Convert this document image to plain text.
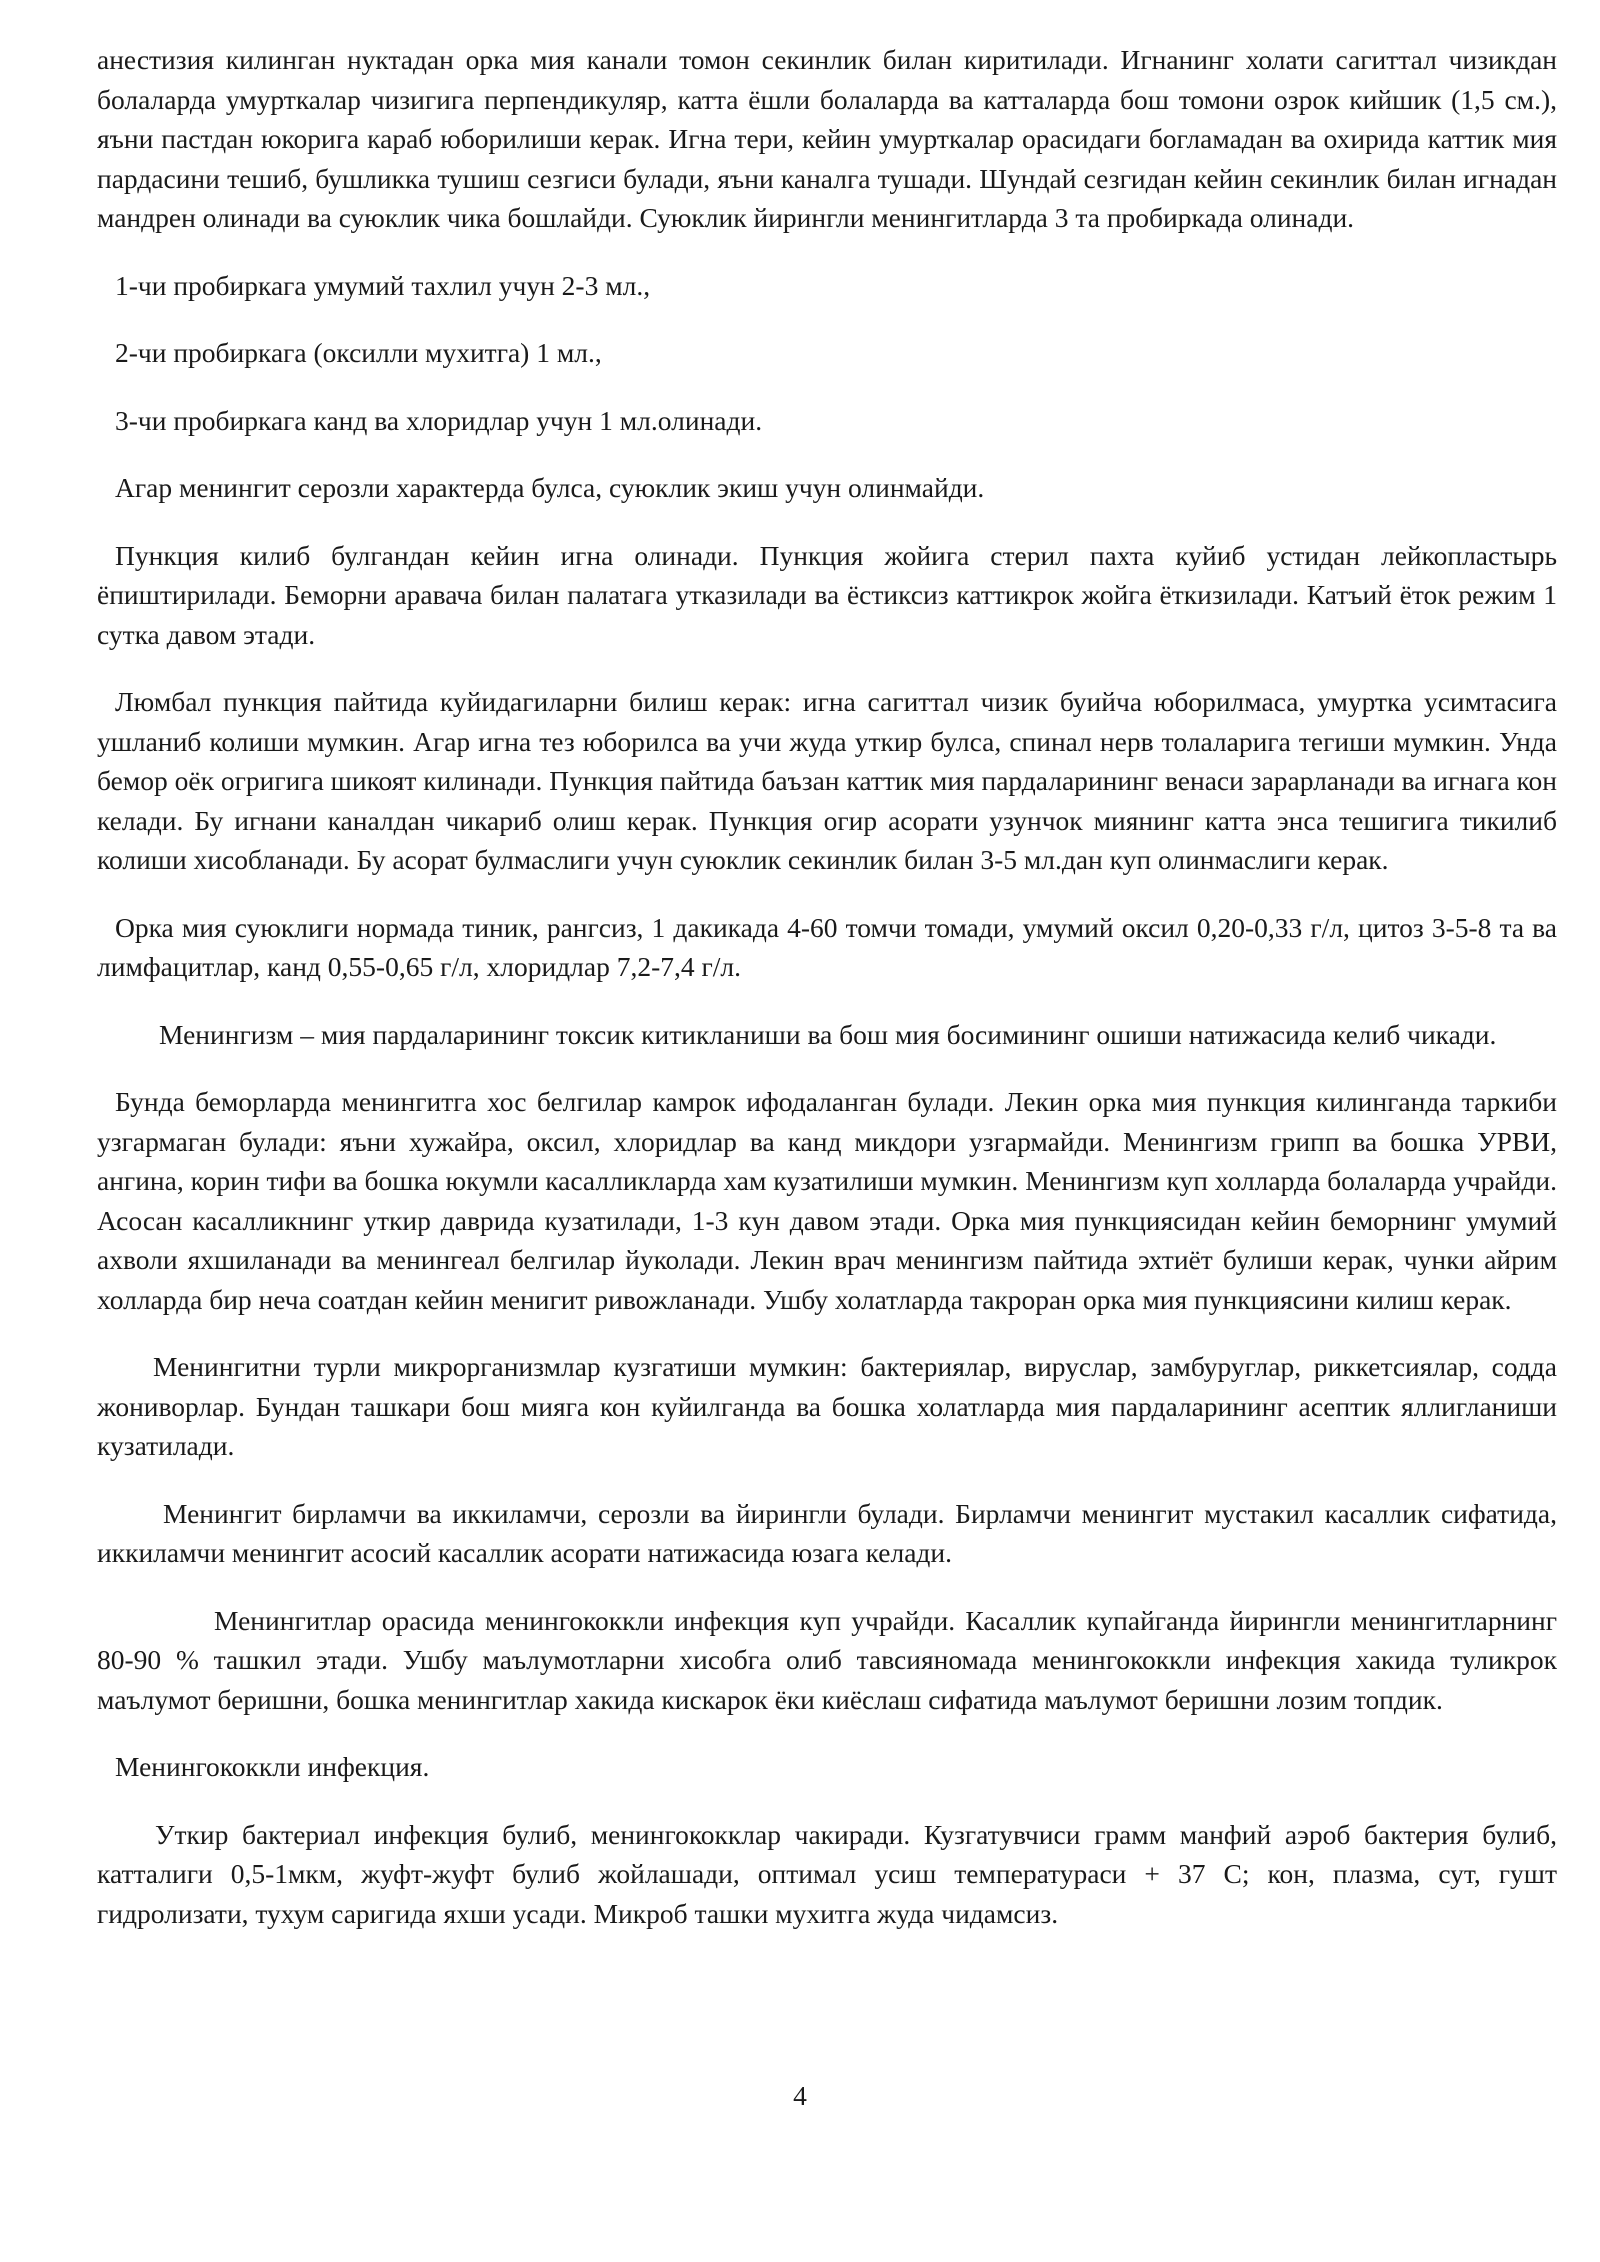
анестизия килинган нуктадан орка мия канали томон секинлик билан киритилади. Игнанинг холати сагиттал чизикдан болаларда умурткалар чизигига перпендикуляр, катта ёшли болаларда ва катталарда бош томони озрок кийшик (1,5 см.), яъни пастдан юкорига караб юборилиши керак. Игна тери, кейин умурткалар орасидаги богламадан ва охирида каттик мия пардасини тешиб, бушликка тушиш сезгиси булади, яъни каналга тушади. Шундай сезгидан кейин секинлик билан игнадан мандрен олинади ва суюклик чика бошлайди. Суюклик йирингли менингитларда 3 та пробиркада олинади.

1-чи пробиркага умумий тахлил учун 2-3 мл.,

2-чи пробиркага (оксилли мухитга) 1 мл.,

3-чи пробиркага канд ва хлоридлар учун 1 мл.олинади.

Агар менингит серозли характерда булса, суюклик экиш учун олинмайди.

Пункция килиб булгандан кейин игна олинади. Пункция жойига стерил пахта куйиб устидан лейкопластырь ёпиштирилади. Беморни аравача билан палатага утказилади ва ёстиксиз каттикрок жойга ёткизилади. Катъий ёток режим 1 сутка давом этади.

Люмбал пункция пайтида куйидагиларни билиш керак: игна сагиттал чизик буийча юборилмаса, умуртка усимтасига ушланиб колиши мумкин. Агар игна тез юборилса ва учи жуда уткир булса, спинал нерв толаларига тегиши мумкин. Унда бемор оёк огригига шикоят килинади. Пункция пайтида баъзан каттик мия пардаларининг венаси зарарланади ва игнага кон келади. Бу игнани каналдан чикариб олиш керак. Пункция огир асорати узунчок миянинг катта энса тешигига тикилиб колиши хисобланади. Бу асорат булмаслиги учун суюклик секинлик билан 3-5 мл.дан куп олинмаслиги керак.

Орка мия суюклиги нормада тиник, рангсиз, 1 дакикада 4-60 томчи томади, умумий оксил 0,20-0,33 г/л, цитоз 3-5-8 та ва лимфацитлар, канд 0,55-0,65 г/л, хлоридлар 7,2-7,4 г/л.

Менингизм – мия пардаларининг токсик китикланиши ва бош мия босимининг ошиши натижасида келиб чикади.

Бунда беморларда менингитга хос белгилар камрок ифодаланган булади. Лекин орка мия пункция килинганда таркиби узгармаган булади: яъни хужайра, оксил, хлоридлар ва канд микдори узгармайди. Менингизм грипп ва бошка УРВИ, ангина, корин тифи ва бошка юкумли касалликларда хам кузатилиши мумкин. Менингизм куп холларда болаларда учрайди. Асосан касалликнинг уткир даврида кузатилади, 1-3 кун давом этади. Орка мия пункциясидан кейин беморнинг умумий ахволи яхшиланади ва менингеал белгилар йуколади. Лекин врач менингизм пайтида эхтиёт булиши керак, чунки айрим холларда бир неча соатдан кейин менигит ривожланади. Ушбу холатларда такроран орка мия пункциясини килиш керак.

Менингитни турли микрорганизмлар кузгатиши мумкин: бактериялар, вируслар, замбуруглар, риккетсиялар, содда жониворлар. Бундан ташкари бош мияга кон куйилганда ва бошка холатларда мия пардаларининг асептик яллигланиши кузатилади.

Менингит бирламчи ва иккиламчи, серозли ва йирингли булади. Бирламчи менингит мустакил касаллик сифатида, иккиламчи менингит асосий касаллик асорати натижасида юзага келади.

Менингитлар орасида менингококкли инфекция куп учрайди. Касаллик купайганда йирингли менингитларнинг 80-90 % ташкил этади. Ушбу маълумотларни хисобга олиб тавсияномада менингококкли инфекция хакида туликрок маълумот беришни, бошка менингитлар хакида кискарок ёки киёслаш сифатида маълумот беришни лозим топдик.

Менингококкли инфекция.

Уткир бактериал инфекция булиб, менингококклар чакиради. Кузгатувчиси грамм манфий аэроб бактерия булиб, катталиги 0,5-1мкм, жуфт-жуфт булиб жойлашади, оптимал усиш температураси + 37 С; кон, плазма, сут, гушт гидролизати, тухум саригида яхши усади. Микроб ташки мухитга жуда чидамсиз.

4
